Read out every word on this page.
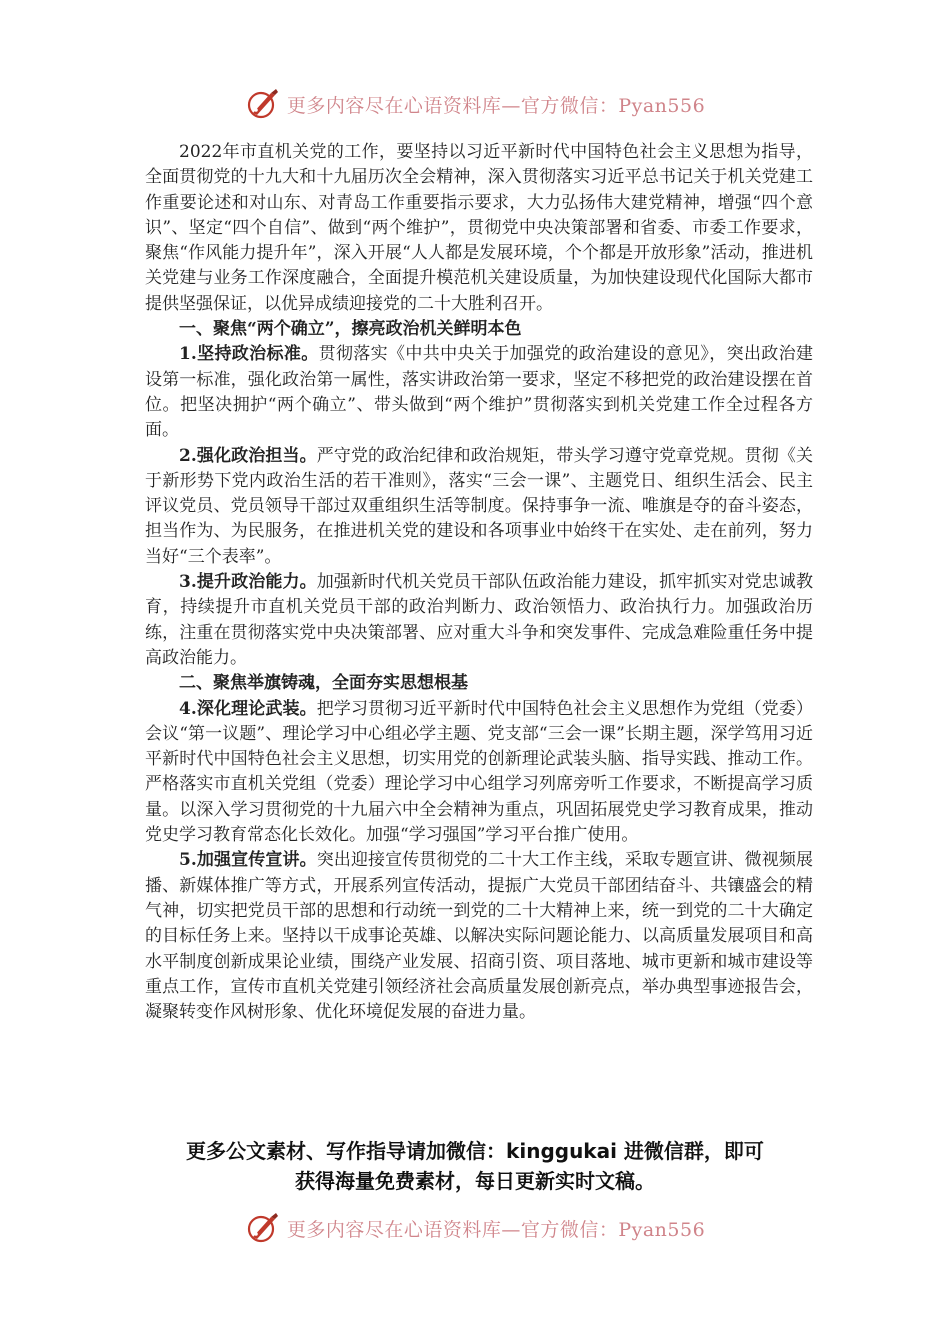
更多内容尽在心语资料库—官方微信：Pyan556

2022年市直机关党的工作，要坚持以习近平新时代中国特色社会主义思想为指导，全面贯彻党的十九大和十九届历次全会精神，深入贯彻落实习近平总书记关于机关党建工作重要论述和对山东、对青岛工作重要指示要求，大力弘扬伟大建党精神，增强“四个意识”、坚定“四个自信”、做到“两个维护”，贯彻党中央决策部署和省委、市委工作要求，聚焦“作风能力提升年”，深入开展“人人都是发展环境，个个都是开放形象”活动，推进机关党建与业务工作深度融合，全面提升模范机关建设质量，为加快建设现代化国际大都市提供坚强保证，以优异成绩迎接党的二十大胜利召开。

一、聚焦“两个确立”，擦亮政治机关鲜明本色

1.坚持政治标准。贯彻落实《中共中央关于加强党的政治建设的意见》，突出政治建设第一标准，强化政治第一属性，落实讲政治第一要求，坚定不移把党的政治建设摆在首位。把坚决拥护“两个确立”、带头做到“两个维护”贯彻落实到机关党建工作全过程各方面。

2.强化政治担当。严守党的政治纪律和政治规矩，带头学习遵守党章党规。贯彻《关于新形势下党内政治生活的若干准则》，落实“三会一课”、主题党日、组织生活会、民主评议党员、党员领导干部过双重组织生活等制度。保持事争一流、唯旗是夺的奋斗姿态，担当作为、为民服务，在推进机关党的建设和各项事业中始终干在实处、走在前列，努力当好“三个表率”。

3.提升政治能力。加强新时代机关党员干部队伍政治能力建设，抓牢抓实对党忠诚教育，持续提升市直机关党员干部的政治判断力、政治领悟力、政治执行力。加强政治历练，注重在贯彻落实党中央决策部署、应对重大斗争和突发事件、完成急难险重任务中提高政治能力。

二、聚焦举旗铸魂，全面夯实思想根基

4.深化理论武装。把学习贯彻习近平新时代中国特色社会主义思想作为党组（党委）会议“第一议题”、理论学习中心组必学主题、党支部“三会一课”长期主题，深学笃用习近平新时代中国特色社会主义思想，切实用党的创新理论武装头脑、指导实践、推动工作。严格落实市直机关党组（党委）理论学习中心组学习列席旁听工作要求，不断提高学习质量。以深入学习贯彻党的十九届六中全会精神为重点，巩固拓展党史学习教育成果，推动党史学习教育常态化长效化。加强“学习强国”学习平台推广使用。

5.加强宣传宣讲。突出迎接宣传贯彻党的二十大工作主线，采取专题宣讲、微视频展播、新媒体推广等方式，开展系列宣传活动，提振广大党员干部团结奋斗、共镶盛会的精气神，切实把党员干部的思想和行动统一到党的二十大精神上来，统一到党的二十大确定的目标任务上来。坚持以干成事论英雄、以解决实际问题论能力、以高质量发展项目和高水平制度创新成果论业绩，围绕产业发展、招商引资、项目落地、城市更新和城市建设等重点工作，宣传市直机关党建引领经济社会高质量发展创新亮点，举办典型事迹报告会，凝聚转变作风树形象、优化环境促发展的奋进力量。

更多公文素材、写作指导请加微信：kinggukai 进微信群，即可
获得海量免费素材，每日更新实时文稿。
更多内容尽在心语资料库—官方微信：Pyan556
